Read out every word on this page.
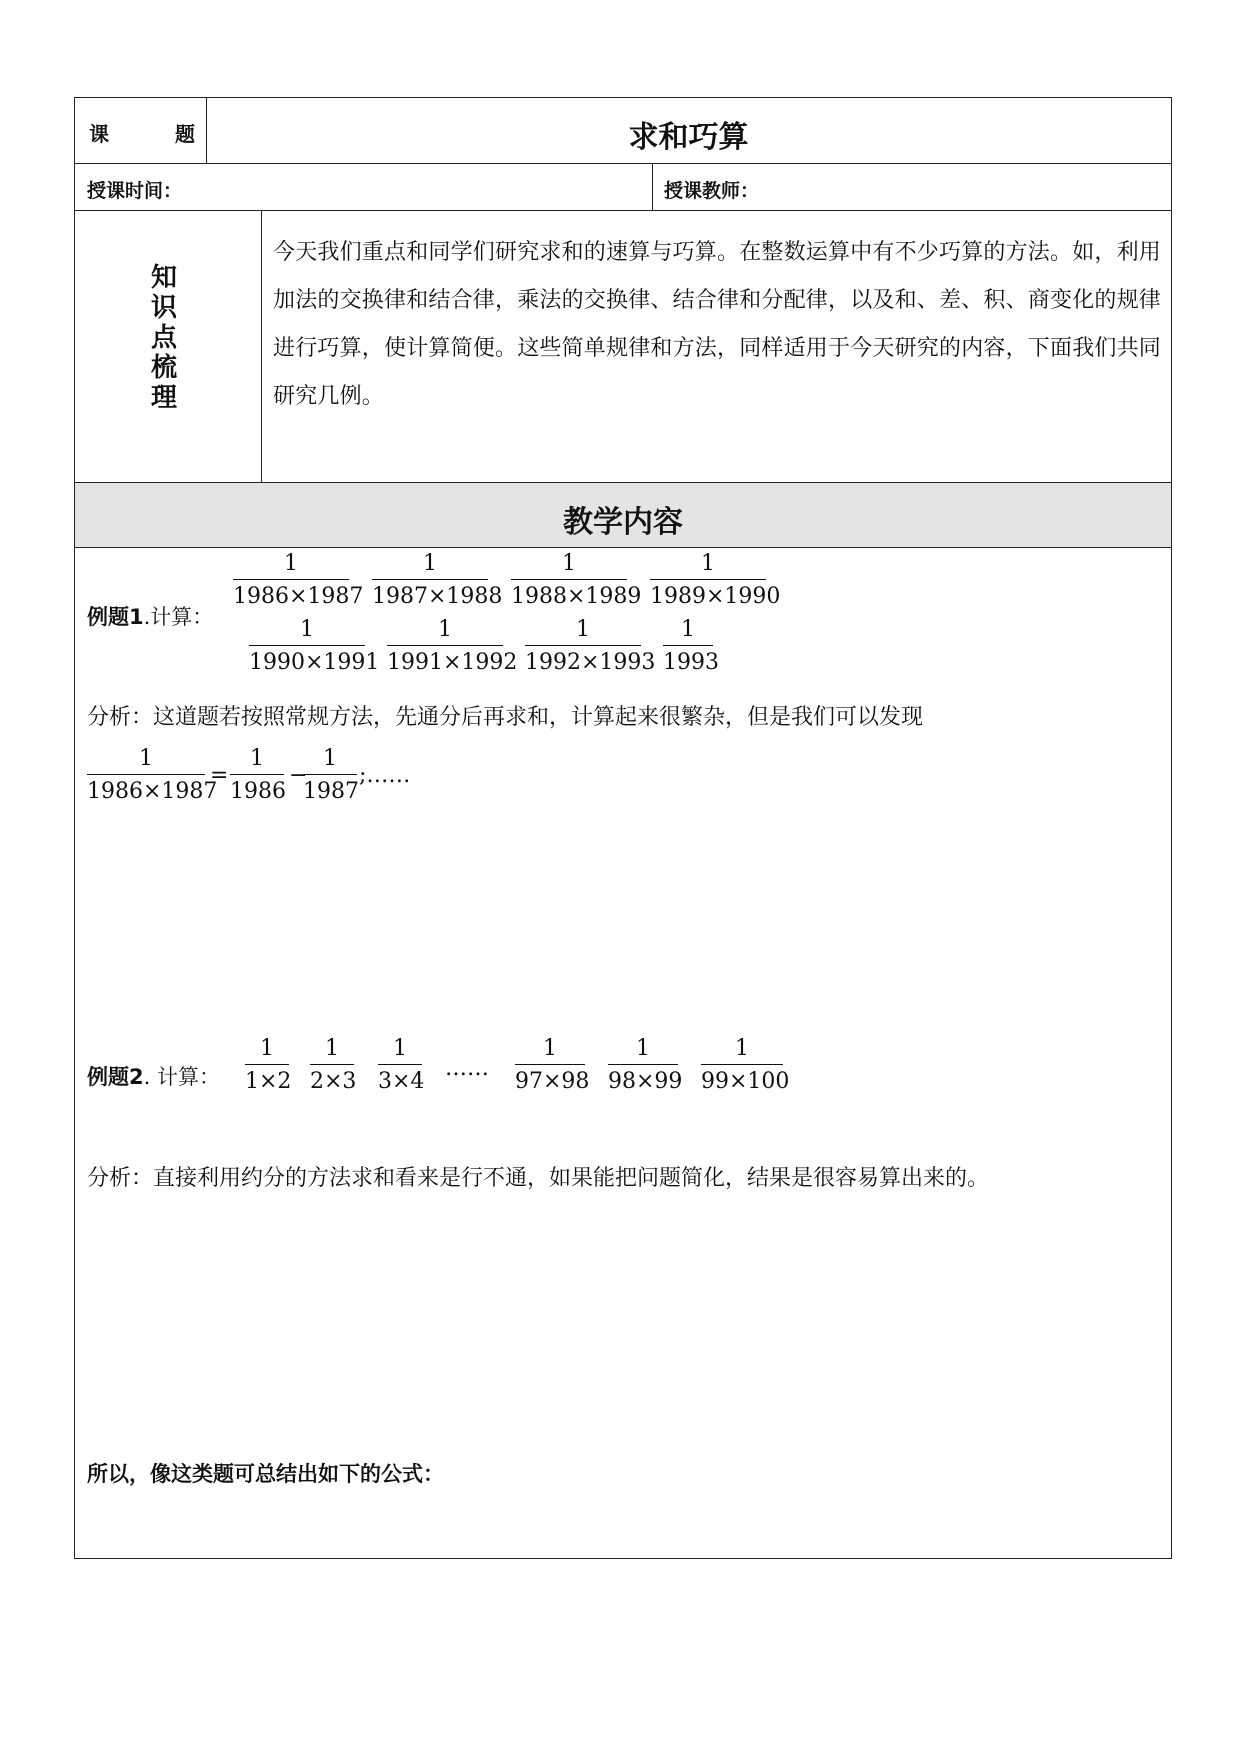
课	题	求和巧算
授课时间：	授课教师：
知识点梳理
今天我们重点和同学们研究求和的速算与巧算。在整数运算中有不少巧算的方法。如，利用加法的交换律和结合律，乘法的交换律、结合律和分配律，以及和、差、积、商变化的规律进行巧算，使计算简便。这些简单规律和方法，同样适用于今天研究的内容，下面我们共同研究几例。
教学内容
例题1.计算：
1
1986×1987
1
1987×1988
1
1988×1989
1
1989×1990
1
1990×1991
1
1991×1992
1
1992×1993
1
1993
分析：这道题若按照常规方法，先通分后再求和，计算起来很繁杂，但是我们可以发现
1
1986×1987
=
1
1986
−
1
1987
;……
例题2. 计算：
1
1×2
1
2×3
1
3×4
……
1
97×98
1
98×99
1
99×100
分析：直接利用约分的方法求和看来是行不通，如果能把问题简化，结果是很容易算出来的。
所以，像这类题可总结出如下的公式：
